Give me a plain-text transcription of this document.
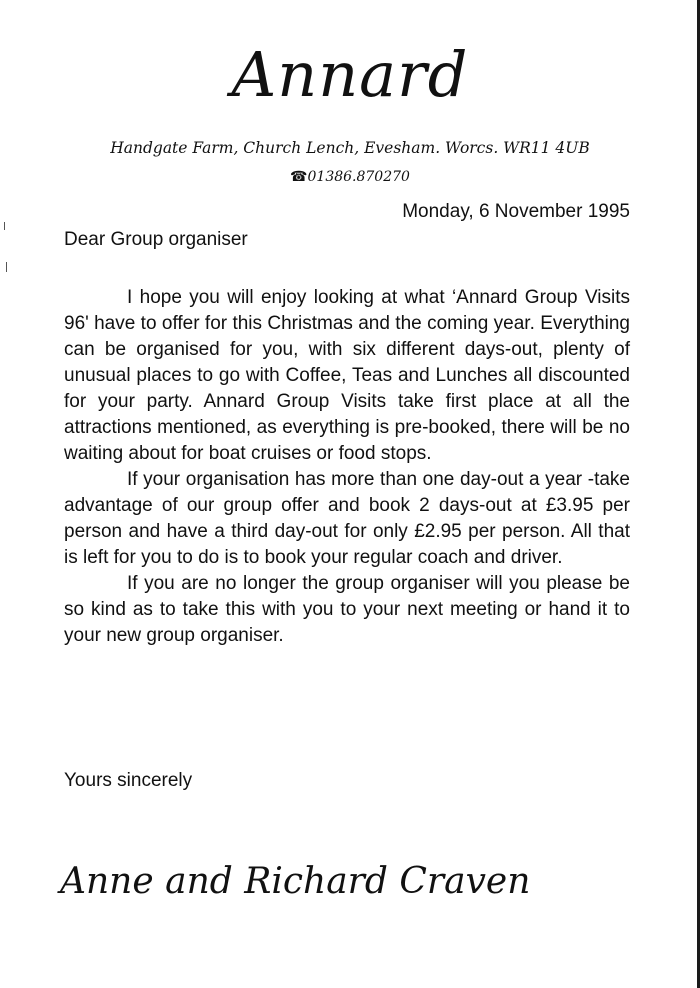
Annard
Handgate Farm, Church Lench, Evesham. Worcs. WR11 4UB
☎01386.870270
Monday, 6 November 1995
Dear Group organiser

I hope you will enjoy looking at what ‘Annard Group Visits 96' have to offer for this Christmas and the coming year. Everything can be organised for you, with six different days-out, plenty of unusual places to go with Coffee, Teas and Lunches all discounted for your party. Annard Group Visits take first place at all the attractions mentioned, as everything is pre-booked, there will be no waiting about for boat cruises or food stops.

If your organisation has more than one day-out a year -take advantage of our group offer and book 2 days-out at £3.95 per person and have a third day-out for only £2.95 per person. All that is left for you to do is to book your regular coach and driver.

If you are no longer the group organiser will you please be so kind as to take this with you to your next meeting or hand it to your new group organiser.

Yours sincerely
Anne and Richard Craven
